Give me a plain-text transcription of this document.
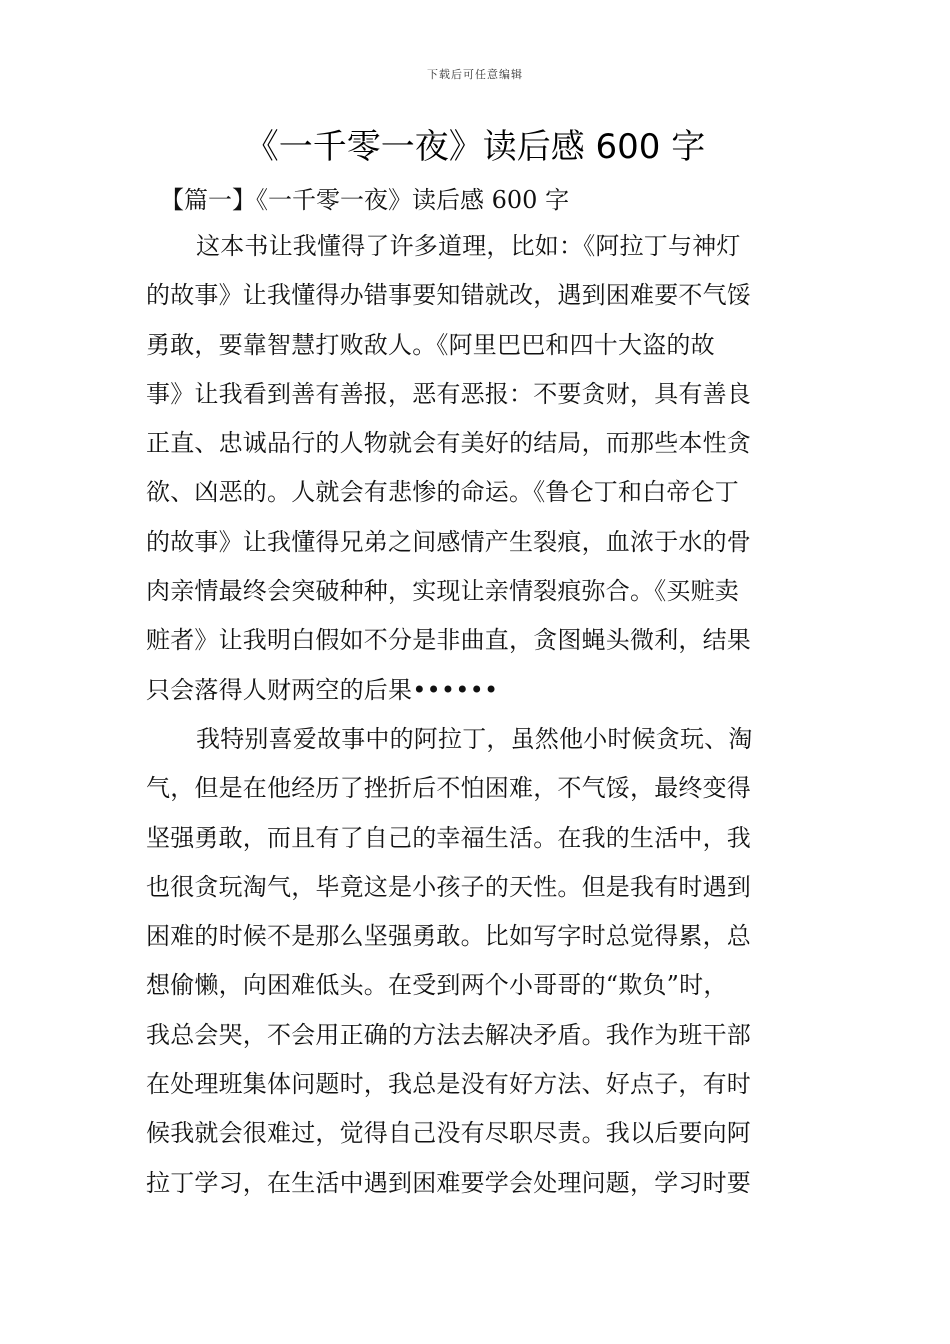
下载后可任意编辑
《一千零一夜》读后感 600 字
【篇一】《一千零一夜》读后感 600 字
这本书让我懂得了许多道理，比如：《阿拉丁与神灯
的故事》让我懂得办错事要知错就改，遇到困难要不气馁
勇敢，要靠智慧打败敌人。《阿里巴巴和四十大盗的故
事》让我看到善有善报，恶有恶报：不要贪财，具有善良
正直、忠诚品行的人物就会有美好的结局，而那些本性贪
欲、凶恶的。人就会有悲惨的命运。《鲁仑丁和白帝仑丁
的故事》让我懂得兄弟之间感情产生裂痕，血浓于水的骨
肉亲情最终会突破种种，实现让亲情裂痕弥合。《买赃卖
赃者》让我明白假如不分是非曲直，贪图蝇头微利，结果
只会落得人财两空的后果••••••
我特别喜爱故事中的阿拉丁，虽然他小时候贪玩、淘
气，但是在他经历了挫折后不怕困难，不气馁，最终变得
坚强勇敢，而且有了自己的幸福生活。在我的生活中，我
也很贪玩淘气，毕竟这是小孩子的天性。但是我有时遇到
困难的时候不是那么坚强勇敢。比如写字时总觉得累，总
想偷懒，向困难低头。在受到两个小哥哥的“欺负”时，
我总会哭，不会用正确的方法去解决矛盾。我作为班干部
在处理班集体问题时，我总是没有好方法、好点子，有时
候我就会很难过，觉得自己没有尽职尽责。我以后要向阿
拉丁学习，在生活中遇到困难要学会处理问题，学习时要
